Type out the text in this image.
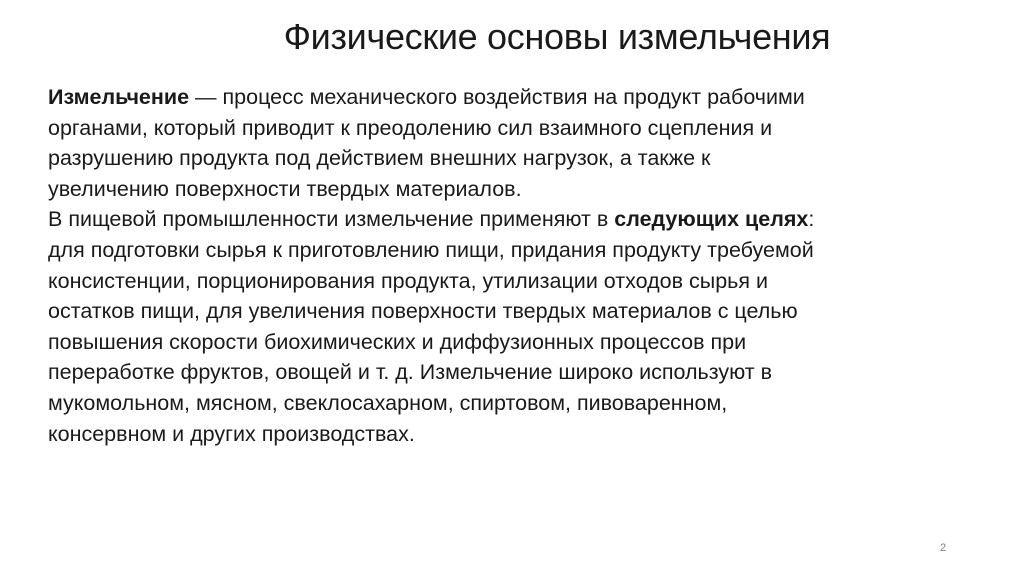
Физические основы измельчения
Измельчение — процесс механического воздействия на продукт рабочими
органами, который приводит к преодолению сил взаимного сцепления и
разрушению продукта под действием внешних нагрузок, а также к
увеличению поверхности твердых материалов.
В пищевой промышленности измельчение применяют в следующих целях:
для подготовки сырья к приготовлению пищи, придания продукту требуемой
консистенции, порционирования продукта, утилизации отходов сырья и
остатков пищи, для увеличения поверхности твердых материалов с целью
повышения скорости биохимических и диффузионных процессов при
переработке фруктов, овощей и т. д. Измельчение широко используют в
мукомольном, мясном, свеклосахарном, спиртовом, пивоваренном,
консервном и других производствах.
2
